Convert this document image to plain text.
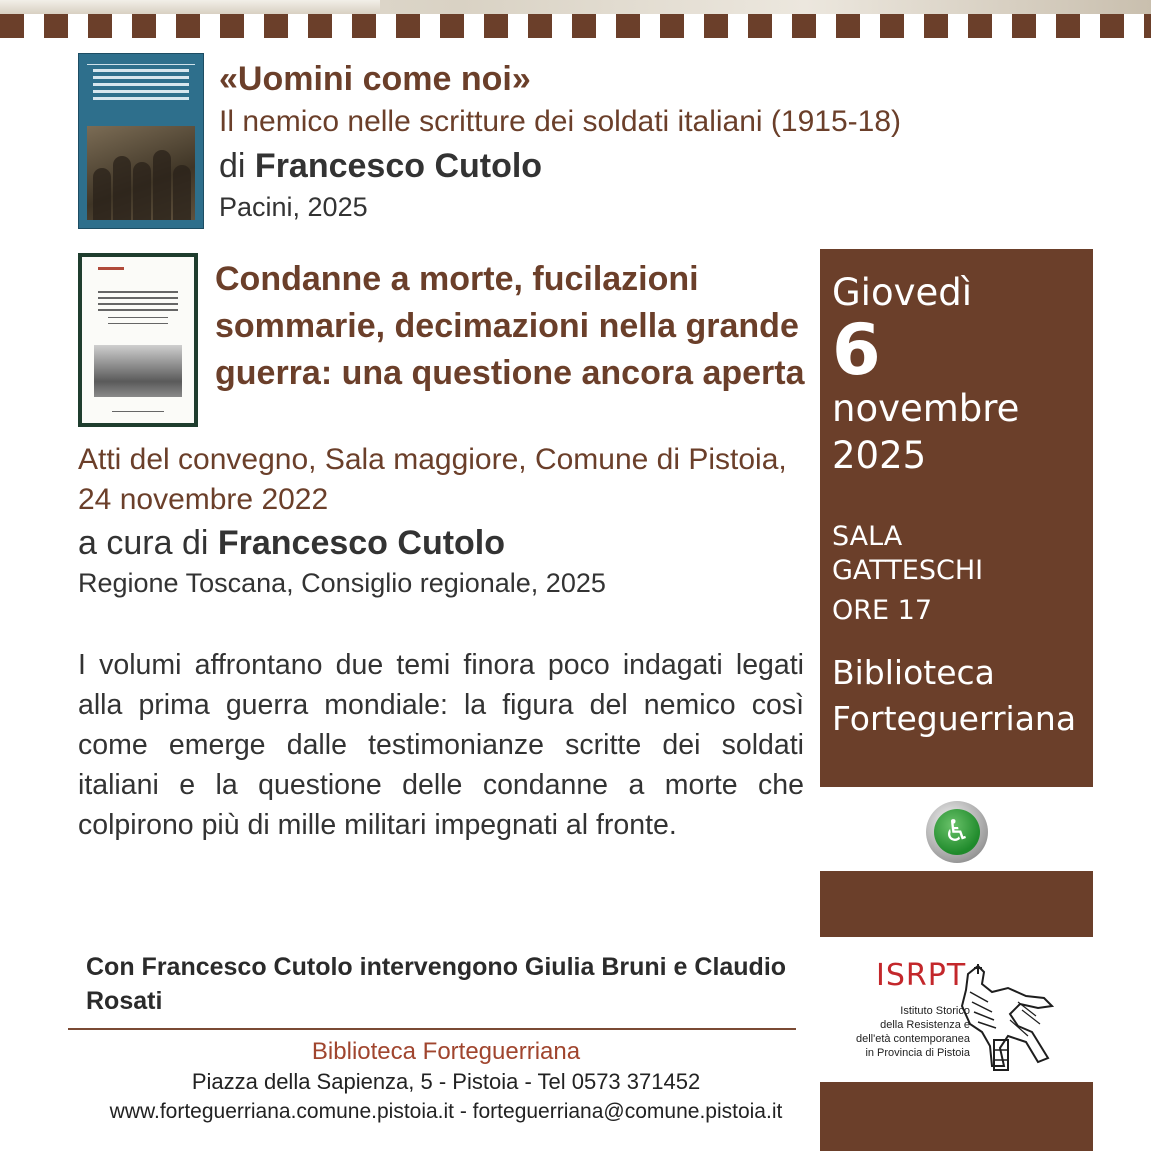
«Uomini come noi»
Il nemico nelle scritture dei soldati italiani (1915-18)
di Francesco Cutolo
Pacini, 2025
Condanne a morte, fucilazioni sommarie, decimazioni nella grande guerra: una questione ancora aperta
Atti del convegno, Sala maggiore, Comune di Pistoia, 24 novembre 2022
a cura di Francesco Cutolo
Regione Toscana, Consiglio regionale, 2025
I volumi affrontano due temi finora poco indagati legati alla prima guerra mondiale: la figura del nemico così come emerge dalle testimonianze scritte dei soldati italiani e la questione delle condanne a morte che colpirono più di mille militari impegnati al fronte.
Giovedì
6
novembre
2025
SALA
GATTESCHI
ORE 17
Biblioteca
Forteguerriana
♿
Con Francesco Cutolo intervengono Giulia Bruni e Claudio Rosati
Biblioteca Forteguerriana
Piazza della Sapienza, 5 - Pistoia - Tel 0573 371452
www.forteguerriana.comune.pistoia.it - forteguerriana@comune.pistoia.it
ISRPT
Istituto Storico
della Resistenza e
dell'età contemporanea
in Provincia di Pistoia
